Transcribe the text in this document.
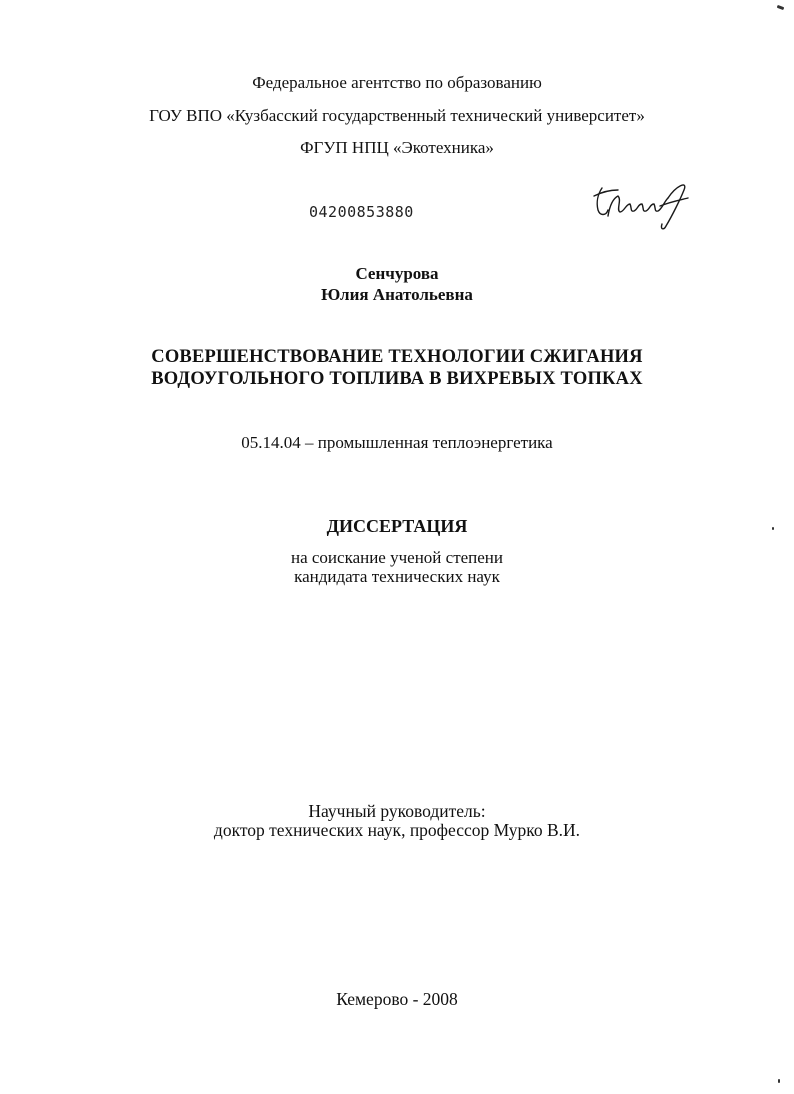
Федеральное агентство по образованию
ГОУ ВПО «Кузбасский государственный технический университет»
ФГУП НПЦ «Экотехника»
04200853880
Сенчурова
Юлия Анатольевна
СОВЕРШЕНСТВОВАНИЕ ТЕХНОЛОГИИ СЖИГАНИЯ
ВОДОУГОЛЬНОГО ТОПЛИВА В ВИХРЕВЫХ ТОПКАХ
05.14.04 – промышленная теплоэнергетика
ДИССЕРТАЦИЯ
на соискание ученой степени
кандидата технических наук
Научный руководитель:
доктор технических наук, профессор Мурко В.И.
Кемерово - 2008
